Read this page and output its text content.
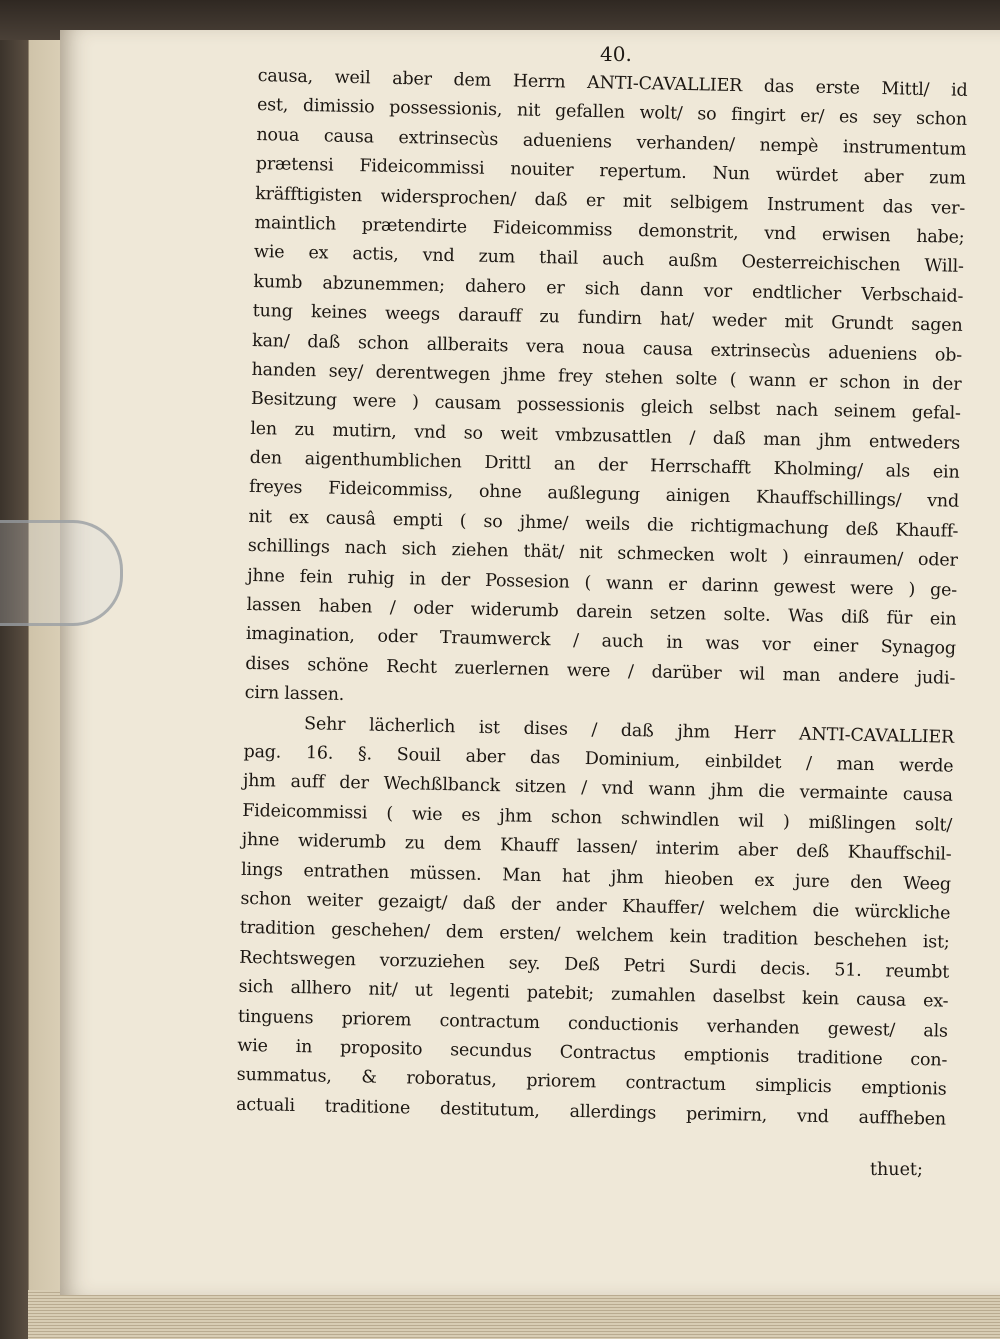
40.
causa, weil aber dem Herrn ANTI-CAVALLIER das erste Mittl/ id
est, dimissio possessionis, nit gefallen wolt/ so fingirt er/ es sey schon
noua causa extrinsecùs adueniens verhanden/ nempè instrumentum
prætensi Fideicommissi nouiter repertum. Nun würdet aber zum
kräfftigisten widersprochen/ daß er mit selbigem Instrument das ver-
maintlich prætendirte Fideicommiss demonstrit, vnd erwisen habe;
wie ex actis, vnd zum thail auch außm Oesterreichischen Will-
kumb abzunemmen; dahero er sich dann vor endtlicher Verbschaid-
tung keines weegs darauff zu fundirn hat/ weder mit Grundt sagen
kan/ daß schon allberaits vera noua causa extrinsecùs adueniens ob-
handen sey/ derentwegen jhme frey stehen solte ( wann er schon in der
Besitzung were ) causam possessionis gleich selbst nach seinem gefal-
len zu mutirn, vnd so weit vmbzusattlen / daß man jhm entweders
den aigenthumblichen Drittl an der Herrschafft Kholming/ als ein
freyes Fideicommiss, ohne außlegung ainigen Khauffschillings/ vnd
nit ex causâ empti ( so jhme/ weils die richtigmachung deß Khauff-
schillings nach sich ziehen thät/ nit schmecken wolt ) einraumen/ oder
jhne fein ruhig in der Possesion ( wann er darinn gewest were ) ge-
lassen haben / oder widerumb darein setzen solte. Was diß für ein
imagination, oder Traumwerck / auch in was vor einer Synagog
dises schöne Recht zuerlernen were / darüber wil man andere judi-
cirn lassen.
Sehr lächerlich ist dises / daß jhm Herr ANTI-CAVALLIER
pag. 16. §. Souil aber das Dominium, einbildet / man werde
jhm auff der Wechßlbanck sitzen / vnd wann jhm die vermainte causa
Fideicommissi ( wie es jhm schon schwindlen wil ) mißlingen solt/
jhne widerumb zu dem Khauff lassen/ interim aber deß Khauffschil-
lings entrathen müssen. Man hat jhm hieoben ex jure den Weeg
schon weiter gezaigt/ daß der ander Khauffer/ welchem die würckliche
tradition geschehen/ dem ersten/ welchem kein tradition beschehen ist;
Rechtswegen vorzuziehen sey. Deß Petri Surdi decis. 51. reumbt
sich allhero nit/ ut legenti patebit; zumahlen daselbst kein causa ex-
tinguens priorem contractum conductionis verhanden gewest/ als
wie in proposito secundus Contractus emptionis traditione con-
summatus, & roboratus, priorem contractum simplicis emptionis
actuali traditione destitutum, allerdings perimirn, vnd auffheben
thuet;
